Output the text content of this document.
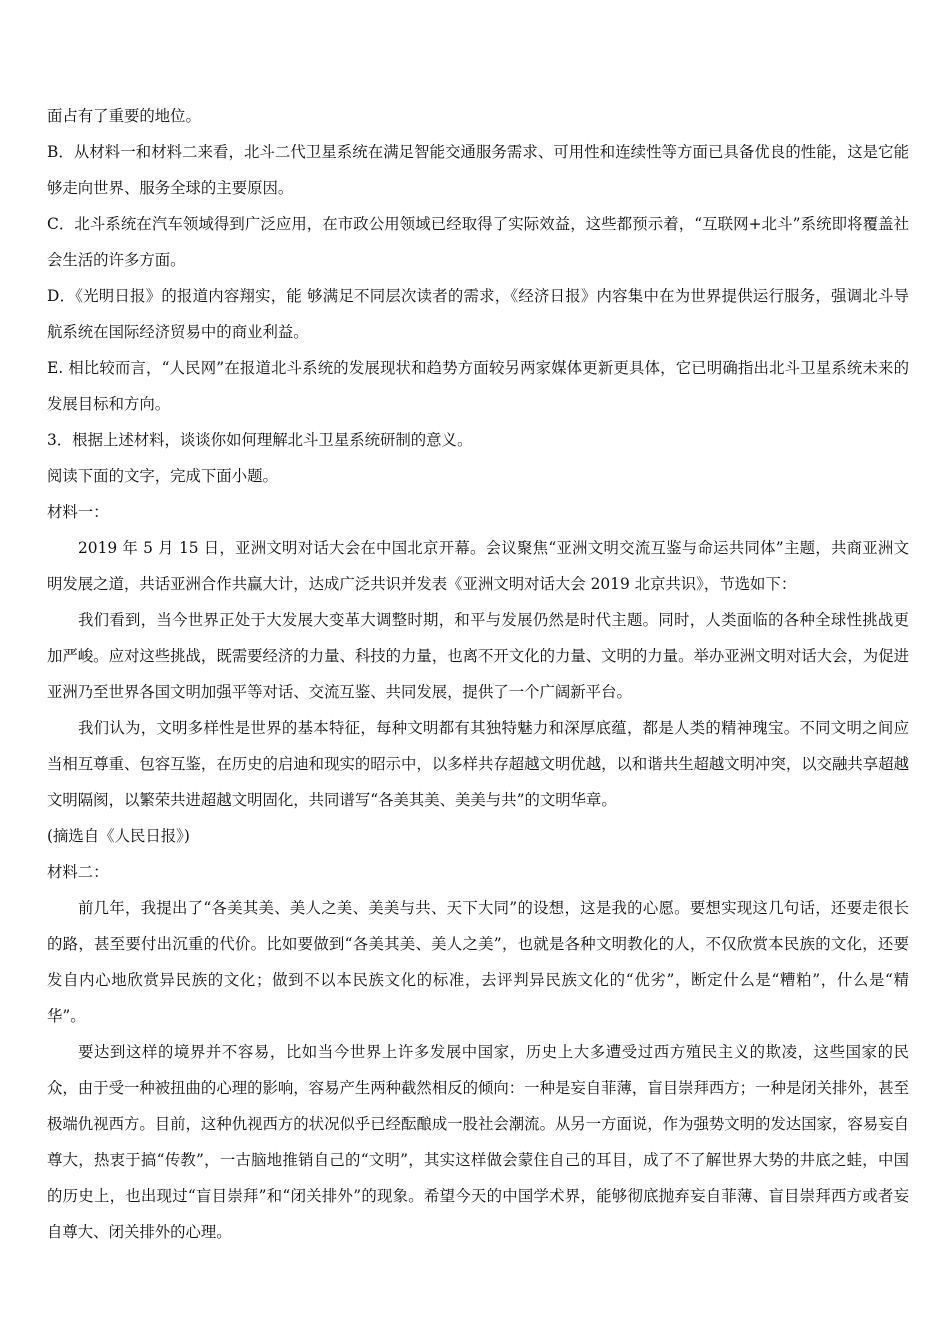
面占有了重要的地位。

B．从材料一和材料二来看，北斗二代卫星系统在满足智能交通服务需求、可用性和连续性等方面已具备优良的性能，这是它能够走向世界、服务全球的主要原因。

C．北斗系统在汽车领域得到广泛应用，在市政公用领域已经取得了实际效益，这些都预示着，“互联网+北斗”系统即将覆盖社会生活的许多方面。

D．《光明日报》的报道内容翔实，能 够满足不同层次读者的需求，《经济日报》内容集中在为世界提供运行服务，强调北斗导航系统在国际经济贸易中的商业利益。

E. 相比较而言，“人民网”在报道北斗系统的发展现状和趋势方面较另两家媒体更新更具体，它已明确指出北斗卫星系统未来的发展目标和方向。

3．根据上述材料，谈谈你如何理解北斗卫星系统研制的意义。

阅读下面的文字，完成下面小题。

材料一：

2019 年 5 月 15 日，亚洲文明对话大会在中国北京开幕。会议聚焦“亚洲文明交流互鉴与命运共同体”主题，共商亚洲文明发展之道，共话亚洲合作共赢大计，达成广泛共识并发表《亚洲文明对话大会 2019 北京共识》，节选如下：

我们看到，当今世界正处于大发展大变革大调整时期，和平与发展仍然是时代主题。同时，人类面临的各种全球性挑战更加严峻。应对这些挑战，既需要经济的力量、科技的力量，也离不开文化的力量、文明的力量。举办亚洲文明对话大会，为促进亚洲乃至世界各国文明加强平等对话、交流互鉴、共同发展，提供了一个广阔新平台。

我们认为，文明多样性是世界的基本特征，每种文明都有其独特魅力和深厚底蕴，都是人类的精神瑰宝。不同文明之间应当相互尊重、包容互鉴，在历史的启迪和现实的昭示中，以多样共存超越文明优越，以和谐共生超越文明冲突，以交融共享超越文明隔阂，以繁荣共进超越文明固化，共同谱写“各美其美、美美与共”的文明华章。

(摘选自《人民日报》)

材料二：

前几年，我提出了“各美其美、美人之美、美美与共、天下大同”的设想，这是我的心愿。要想实现这几句话，还要走很长的路，甚至要付出沉重的代价。比如要做到“各美其美、美人之美”，也就是各种文明教化的人，不仅欣赏本民族的文化，还要发自内心地欣赏异民族的文化；做到不以本民族文化的标准，去评判异民族文化的“优劣”，断定什么是“糟粕”，什么是“精华”。

要达到这样的境界并不容易，比如当今世界上许多发展中国家，历史上大多遭受过西方殖民主义的欺凌，这些国家的民众，由于受一种被扭曲的心理的影响，容易产生两种截然相反的倾向：一种是妄自菲薄，盲目崇拜西方；一种是闭关排外，甚至极端仇视西方。目前，这种仇视西方的状况似乎已经酝酿成一股社会潮流。从另一方面说，作为强势文明的发达国家，容易妄自尊大，热衷于搞“传教”，一古脑地推销自己的“文明”，其实这样做会蒙住自己的耳目，成了不了解世界大势的井底之蛙，中国的历史上，也出现过“盲目崇拜”和“闭关排外”的现象。希望今天的中国学术界，能够彻底抛弃妄自菲薄、盲目崇拜西方或者妄自尊大、闭关排外的心理。
